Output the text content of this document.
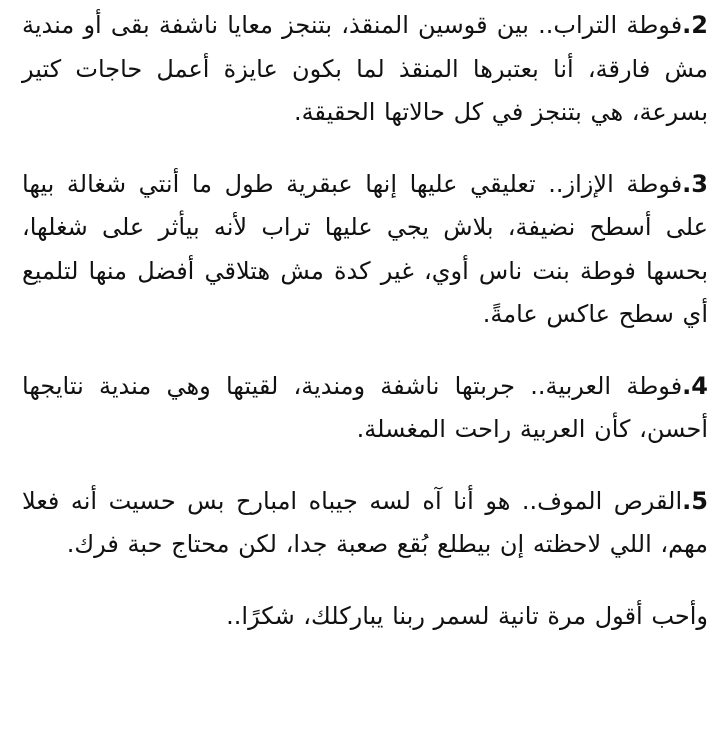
2.فوطة التراب.. بين قوسين المنقذ، بتنجز معايا ناشفة بقى أو مندية مش فارقة، أنا بعتبرها المنقذ لما بكون عايزة أعمل حاجات كتير بسرعة، هي بتنجز في كل حالاتها الحقيقة.

3.فوطة الإزاز.. تعليقي عليها إنها عبقرية طول ما أنتي شغالة بيها على أسطح نضيفة، بلاش يجي عليها تراب لأنه بيأثر على شغلها، بحسها فوطة بنت ناس أوي، غير كدة مش هتلاقي أفضل منها لتلميع أي سطح عاكس عامةً.

4.فوطة العربية.. جربتها ناشفة ومندية، لقيتها وهي مندية نتايجها أحسن، كأن العربية راحت المغسلة.

5.القرص الموف.. هو أنا آه لسه جيباه امبارح بس حسيت أنه فعلا مهم، اللي لاحظته إن بيطلع بُقع صعبة جدا، لكن محتاج حبة فرك.

وأحب أقول مرة تانية لسمر ربنا يباركلك، شكرًا..
